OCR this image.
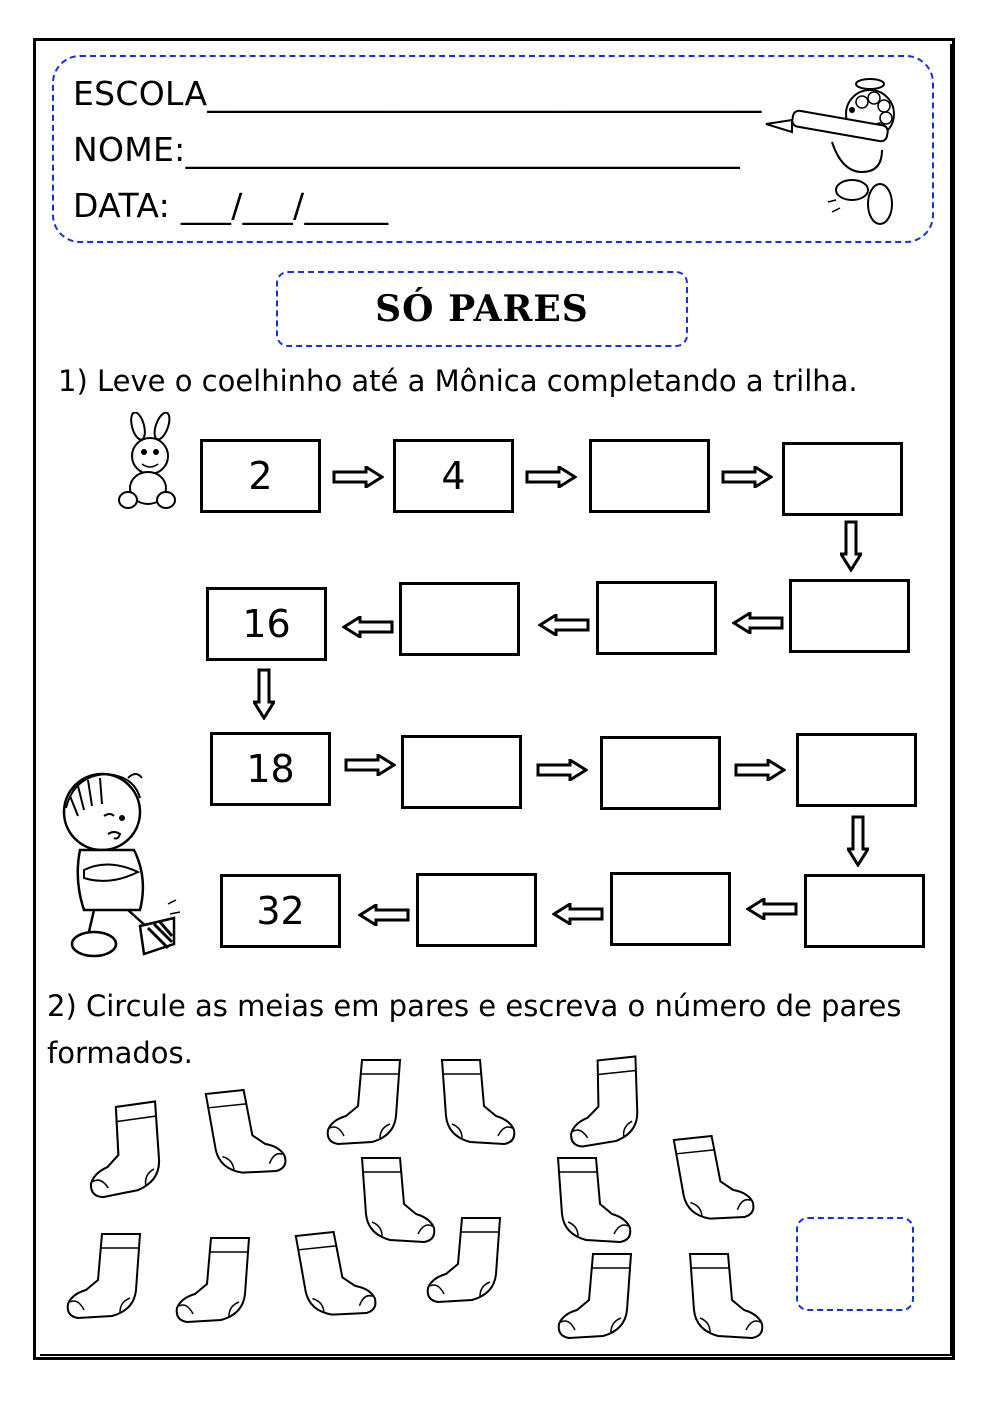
ESCOLA_________________________________
NOME:_________________________________
DATA: ___/___/_____
SÓ PARES
1) Leve o coelhinho até a Mônica completando a trilha.
2	4
16
18
32
2) Circule as meias em pares e escreva o número de pares
formados.
